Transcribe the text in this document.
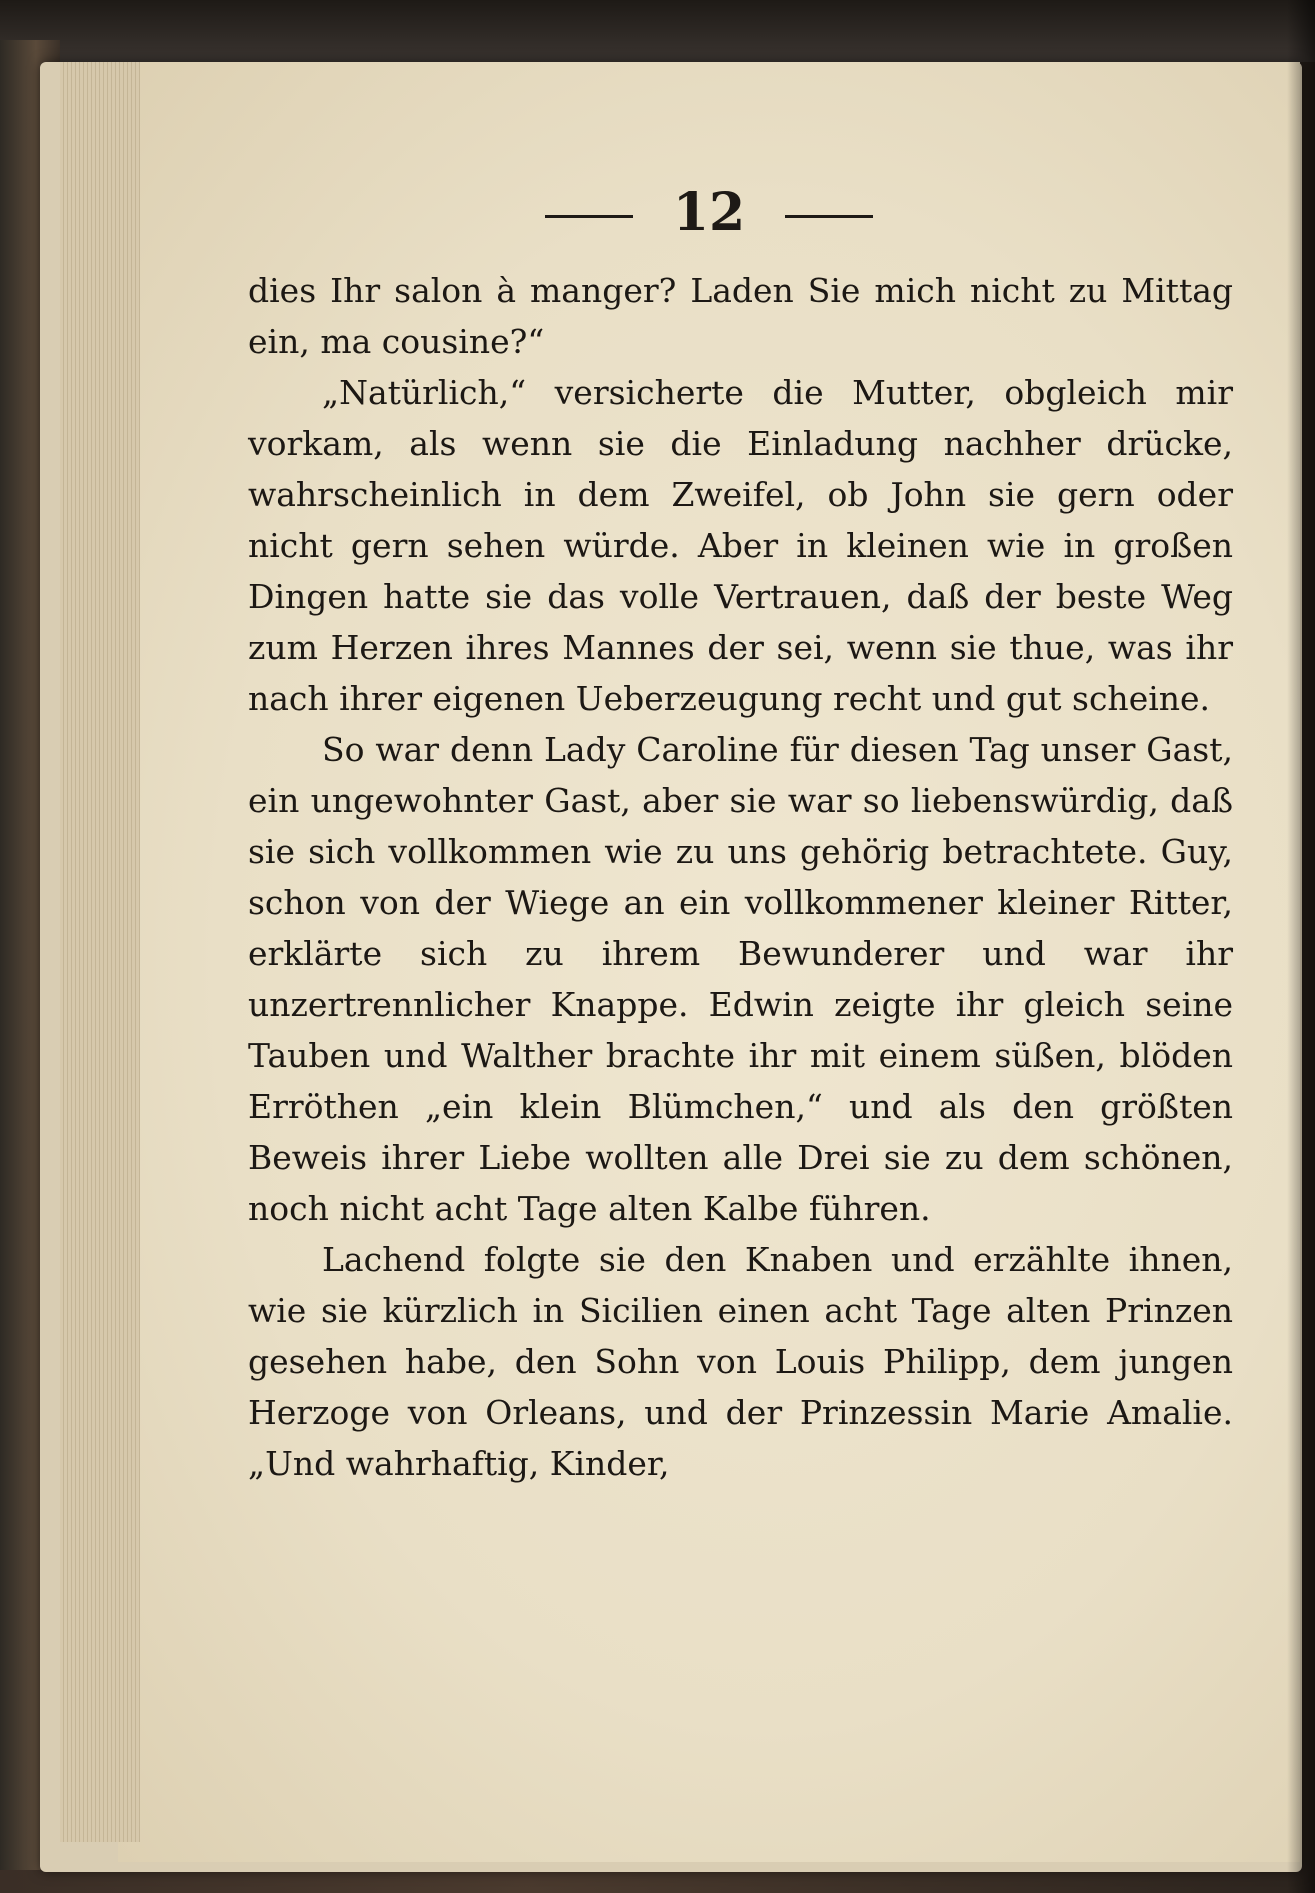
12

dies Ihr salon à manger? Laden Sie mich nicht zu Mittag ein, ma cousine?“

„Natürlich,“ versicherte die Mutter, obgleich mir vorkam, als wenn sie die Einladung nachher drücke, wahrscheinlich in dem Zweifel, ob John sie gern oder nicht gern sehen würde. Aber in kleinen wie in großen Dingen hatte sie das volle Vertrauen, daß der beste Weg zum Herzen ihres Mannes der sei, wenn sie thue, was ihr nach ihrer eigenen Ueberzeugung recht und gut scheine.

So war denn Lady Caroline für diesen Tag unser Gast, ein ungewohnter Gast, aber sie war so liebenswürdig, daß sie sich vollkommen wie zu uns gehörig betrachtete. Guy, schon von der Wiege an ein vollkommener kleiner Ritter, erklärte sich zu ihrem Bewunderer und war ihr unzertrennlicher Knappe. Edwin zeigte ihr gleich seine Tauben und Walther brachte ihr mit einem süßen, blöden Erröthen „ein klein Blümchen,“ und als den größten Beweis ihrer Liebe wollten alle Drei sie zu dem schönen, noch nicht acht Tage alten Kalbe führen.

Lachend folgte sie den Knaben und erzählte ihnen, wie sie kürzlich in Sicilien einen acht Tage alten Prinzen gesehen habe, den Sohn von Louis Philipp, dem jungen Herzoge von Orleans, und der Prinzessin Marie Amalie. „Und wahrhaftig, Kinder,
